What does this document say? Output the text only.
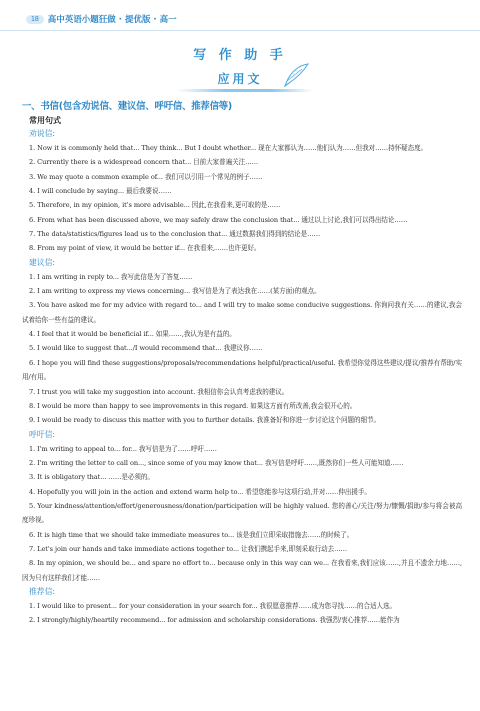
18	高中英语小题狂做 · 提优版 · 高一
写 作 助 手
应用文
一、书信(包含劝说信、建议信、呼吁信、推荐信等)
常用句式
劝说信:
1. Now it is commonly held that... They think... But I doubt whether... 现在大家都认为……他们认为……但我对……持怀疑态度。
2. Currently there is a widespread concern that... 目前大家普遍关注……
3. We may quote a common example of... 我们可以引用一个常见的例子……
4. I will conclude by saying... 最后我要说……
5. Therefore, in my opinion, it's more advisable... 因此,在我看来,更可取的是……
6. From what has been discussed above, we may safely draw the conclusion that... 通过以上讨论,我们可以得出结论……
7. The data/statistics/figures lead us to the conclusion that... 通过数据我们得到的结论是……
8. From my point of view, it would be better if... 在我看来,……也许更好。
建议信:
1. I am writing in reply to... 我写此信是为了答复……
2. I am writing to express my views concerning... 我写信是为了表达我在……(某方面)的观点。
3. You have asked me for my advice with regard to... and I will try to make some conducive suggestions. 你询问我有关……的建议,我会试着给你一些有益的建议。
4. I feel that it would be beneficial if... 如果……,我认为是有益的。
5. I would like to suggest that.../I would recommend that... 我建议你……
6. I hope you will find these suggestions/proposals/recommendations helpful/practical/useful. 我希望你觉得这些建议/提议/推荐有帮助/实用/有用。
7. I trust you will take my suggestion into account. 我相信你会认真考虑我的建议。
8. I would be more than happy to see improvements in this regard. 如果这方面有所改善,我会很开心的。
9. I would be ready to discuss this matter with you to further details. 我准备好和你进一步讨论这个问题的细节。
呼吁信:
1. I'm writing to appeal to... for... 我写信是为了……呼吁……
2. I'm writing the letter to call on..., since some of you may know that... 我写信是呼吁……,既然你们一些人可能知道……
3. It is obligatory that... ……是必须的。
4. Hopefully you will join in the action and extend warm help to... 希望您能参与这项行动,并对……伸出援手。
5. Your kindness/attention/effort/generousness/donation/participation will be highly valued. 您的善心/关注/努力/慷慨/捐助/参与将会被高度珍视。
6. It is high time that we should take immediate measures to... 该是我们立即采取措施去……的时候了。
7. Let's join our hands and take immediate actions together to... 让我们携起手来,即刻采取行动去……
8. In my opinion, we should be... and spare no effort to... because only in this way can we... 在我看来,我们应该……,并且不遗余力地……,因为只有这样我们才能……
推荐信:
1. I would like to present... for your consideration in your search for... 我很愿意推荐……成为您寻找……的合适人选。
2. I strongly/highly/heartily recommend... for admission and scholarship considerations. 我强烈/衷心推荐……能作为
